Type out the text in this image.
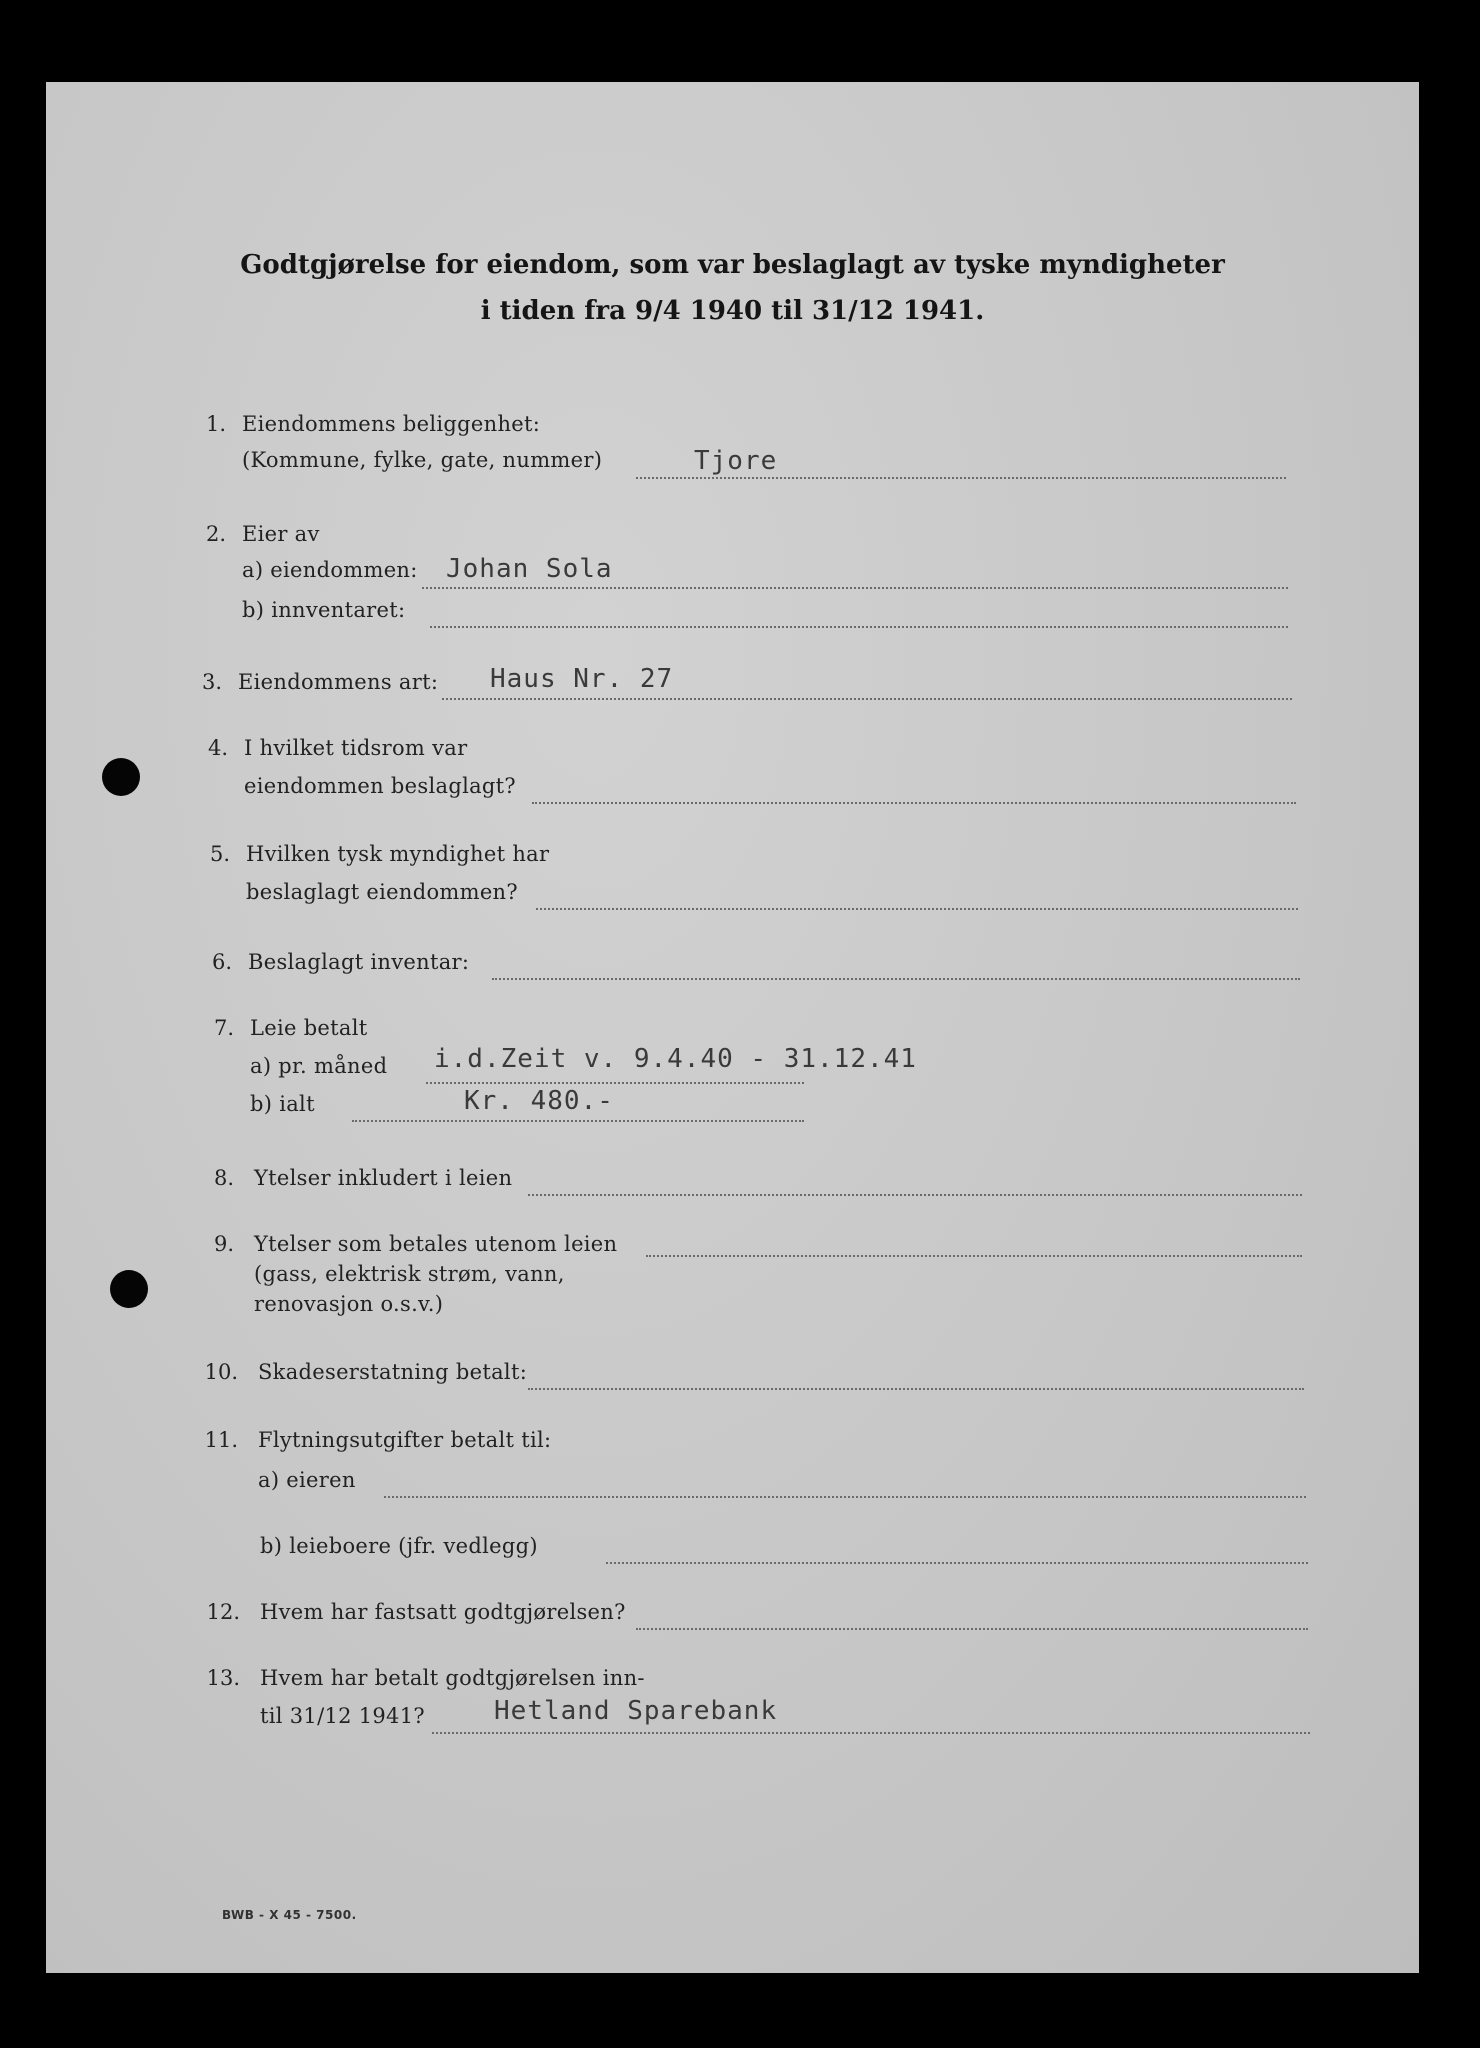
Godtgjørelse for eiendom, som var beslaglagt av tyske myndigheter
i tiden fra 9/4 1940 til 31/12 1941.
1. Eiendommens beliggenhet:
(Kommune, fylke, gate, nummer)	Tjore
2. Eier av
a) eiendommen: Johan Sola
b) innventaret:
3. Eiendommens art: Haus Nr. 27
4. I hvilket tidsrom var
eiendommen beslaglagt?
5. Hvilken tysk myndighet har
beslaglagt eiendommen?
6. Beslaglagt inventar:
7. Leie betalt
a) pr. måned i.d.Zeit v. 9.4.40 - 31.12.41
b) ialt	Kr. 480.-
8. Ytelser inkludert i leien
9. Ytelser som betales utenom leien
(gass, elektrisk strøm, vann,
renovasjon o.s.v.)
10. Skadeserstatning betalt:
11. Flytningsutgifter betalt til:
a) eieren
b) leieboere (jfr. vedlegg)
12. Hvem har fastsatt godtgjørelsen?
13. Hvem har betalt godtgjørelsen inn-
til 31/12 1941?	Hetland Sparebank
BWB - X 45 - 7500.
